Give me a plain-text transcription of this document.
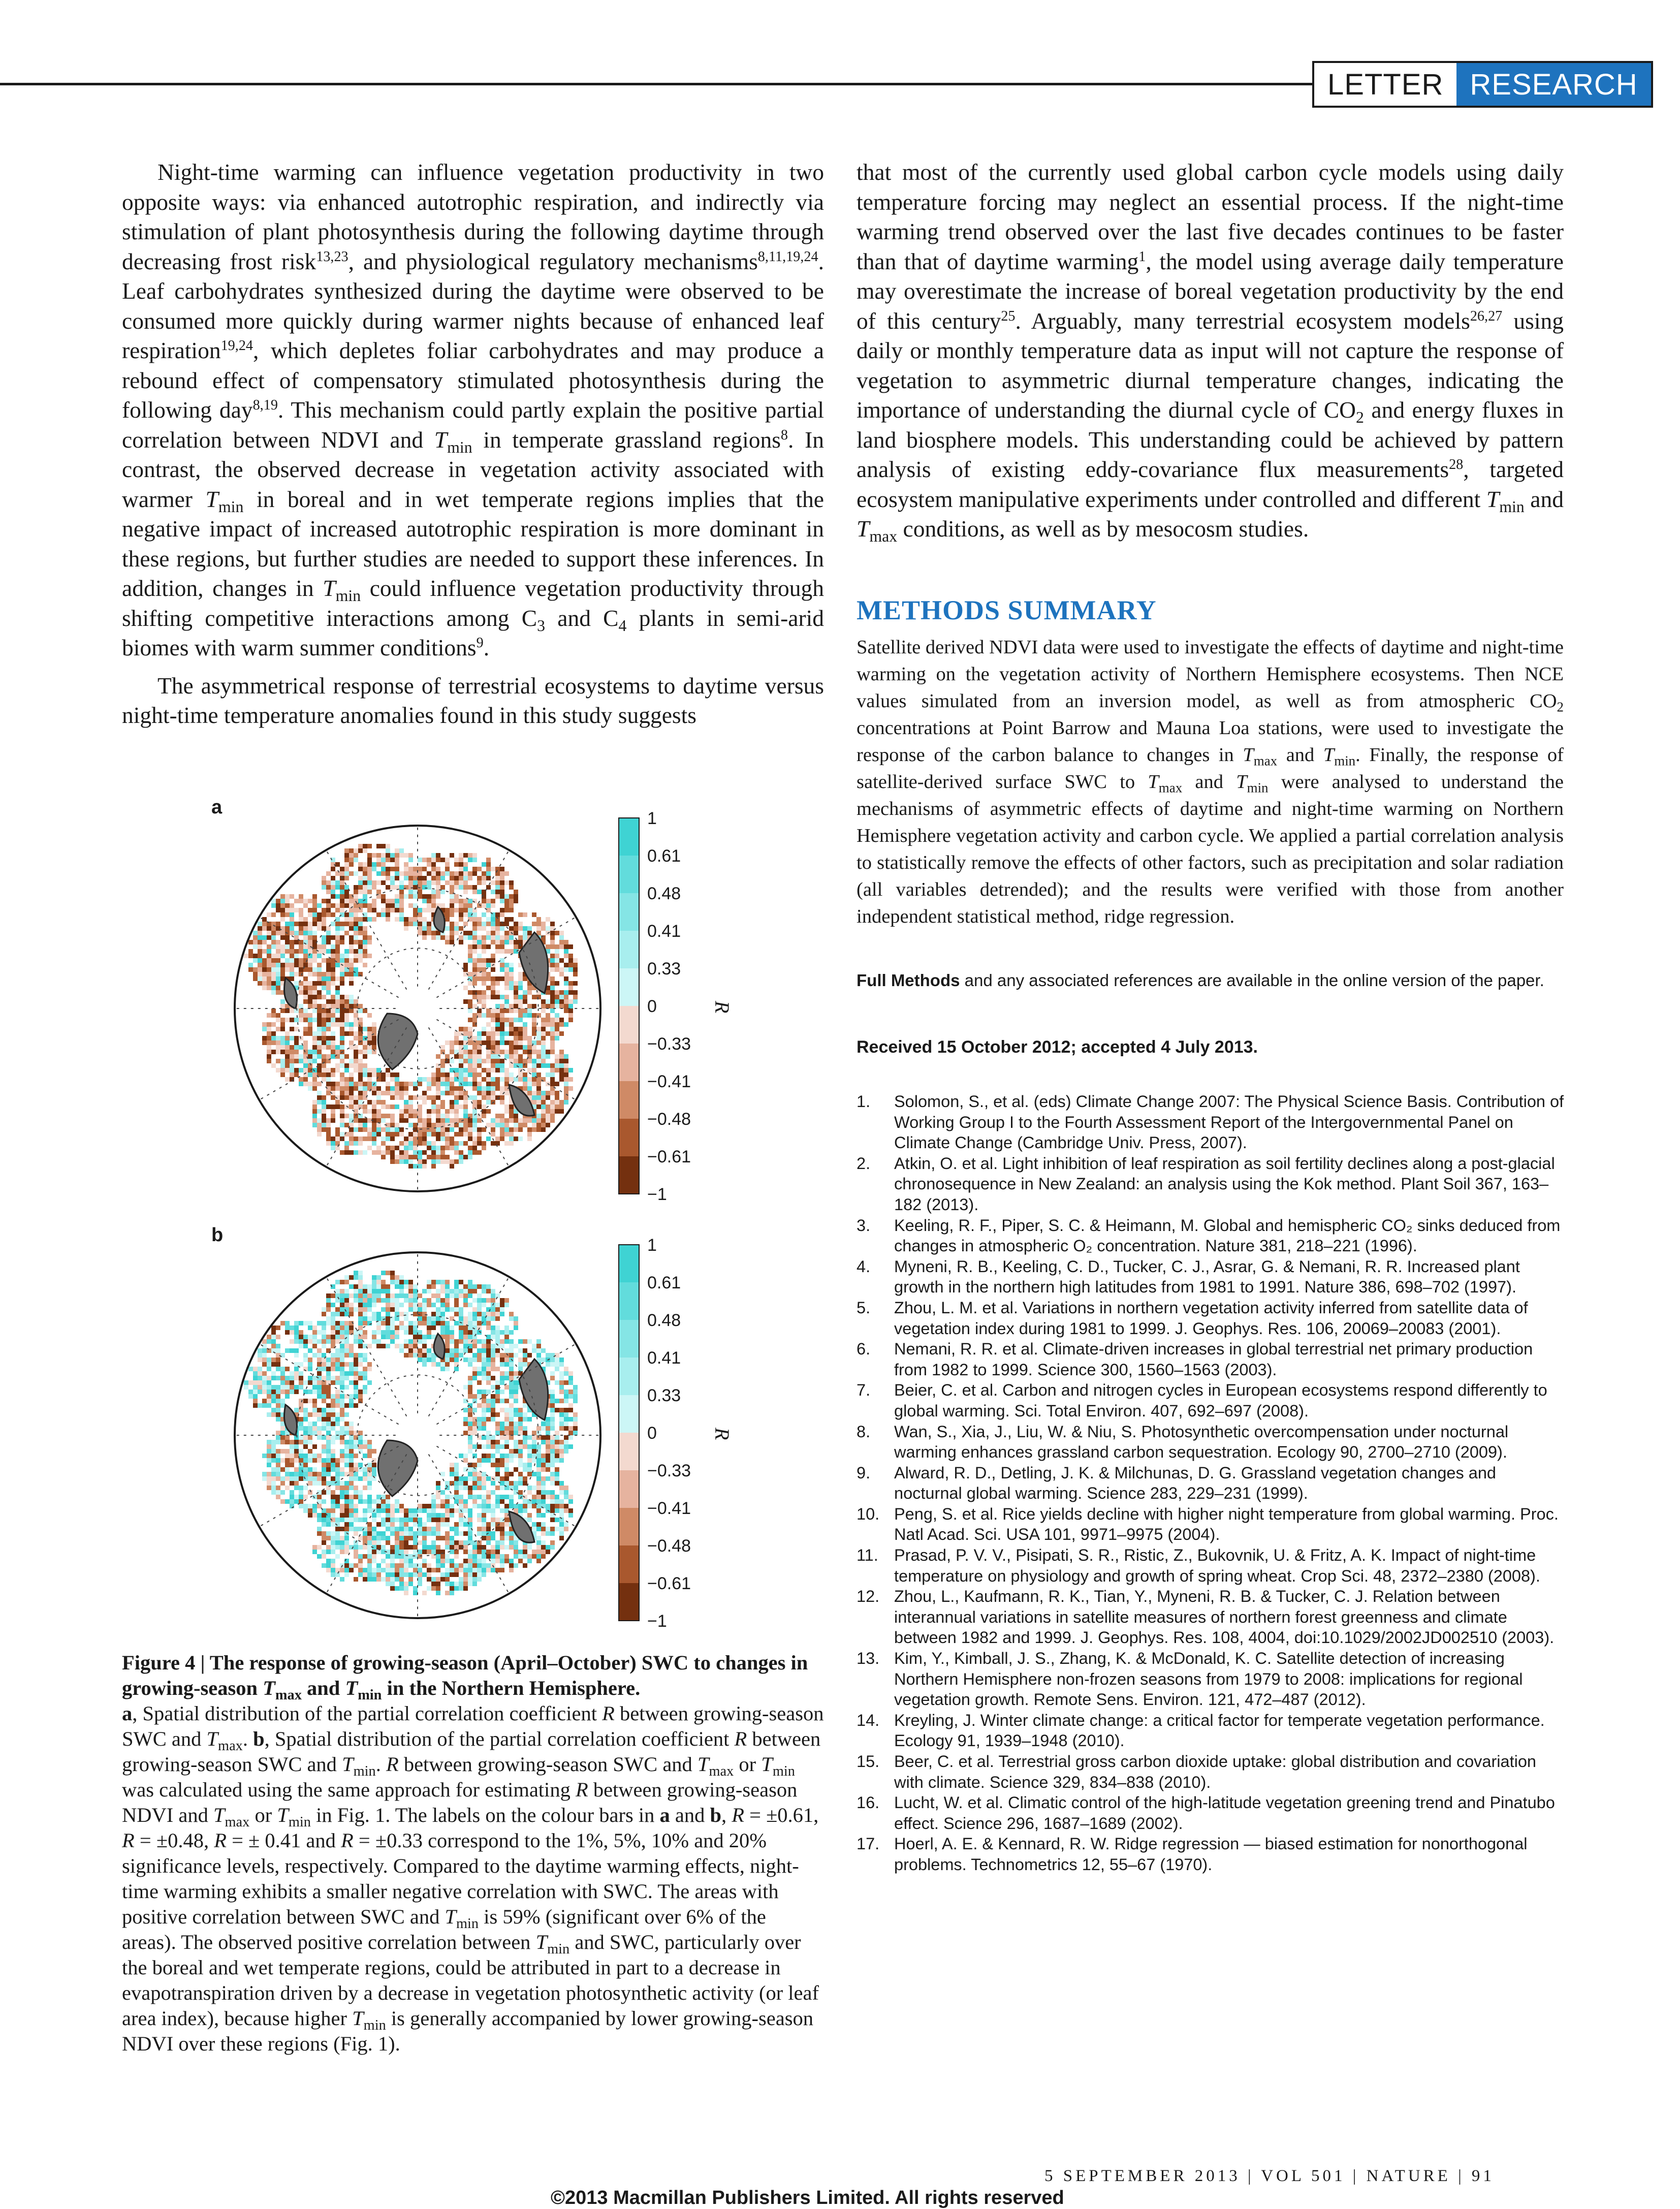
LETTER RESEARCH

Night-time warming can influence vegetation productivity in two opposite ways: via enhanced autotrophic respiration, and indirectly via stimulation of plant photosynthesis during the following daytime through decreasing frost risk$^{13,23}$, and physiological regulatory mechanisms$^{8,11,19,24}$. Leaf carbohydrates synthesized during the daytime were observed to be consumed more quickly during warmer nights because of enhanced leaf respiration$^{19,24}$, which depletes foliar carbohydrates and may produce a rebound effect of compensatory stimulated photosynthesis during the following day$^{8,19}$. This mechanism could partly explain the positive partial correlation between NDVI and $T_{min}$ in temperate grassland regions$^8$. In contrast, the observed decrease in vegetation activity associated with warmer $T_{min}$ in boreal and in wet temperate regions implies that the negative impact of increased autotrophic respiration is more dominant in these regions, but further studies are needed to support these inferences. In addition, changes in $T_{min}$ could influence vegetation productivity through shifting competitive interactions among $C_3$ and $C_4$ plants in semi-arid biomes with warm summer conditions$^9$.

The asymmetrical response of terrestrial ecosystems to daytime versus night-time temperature anomalies found in this study suggests

that most of the currently used global carbon cycle models using daily temperature forcing may neglect an essential process. If the night-time warming trend observed over the last five decades continues to be faster than that of daytime warming$^1$, the model using average daily temperature may overestimate the increase of boreal vegetation productivity by the end of this century$^{25}$. Arguably, many terrestrial ecosystem models$^{26,27}$ using daily or monthly temperature data as input will not capture the response of vegetation to asymmetric diurnal temperature changes, indicating the importance of understanding the diurnal cycle of $CO_2$ and energy fluxes in land biosphere models. This understanding could be achieved by pattern analysis of existing eddy-covariance flux measurements$^{28}$, targeted ecosystem manipulative experiments under controlled and different $T_{min}$ and $T_{max}$ conditions, as well as by mesocosm studies.

METHODS SUMMARY

Satellite derived NDVI data were used to investigate the effects of daytime and night-time warming on the vegetation activity of Northern Hemisphere ecosystems. Then NCE values simulated from an inversion model, as well as from atmospheric $CO_2$ concentrations at Point Barrow and Mauna Loa stations, were used to investigate the response of the carbon balance to changes in $T_{max}$ and $T_{min}$. Finally, the response of satellite-derived surface SWC to $T_{max}$ and $T_{min}$ were analysed to understand the mechanisms of asymmetric effects of daytime and night-time warming on Northern Hemisphere vegetation activity and carbon cycle. We applied a partial correlation analysis to statistically remove the effects of other factors, such as precipitation and solar radiation (all variables detrended); and the results were verified with those from another independent statistical method, ridge regression.

Full Methods and any associated references are available in the online version of the paper.
Received 15 October 2012; accepted 4 July 2013.
1.	Solomon, S., et al. (eds) Climate Change 2007: The Physical Science Basis. Contribution of Working Group I to the Fourth Assessment Report of the Intergovernmental Panel on Climate Change (Cambridge Univ. Press, 2007).
2.	Atkin, O. et al. Light inhibition of leaf respiration as soil fertility declines along a post-glacial chronosequence in New Zealand: an analysis using the Kok method. Plant Soil 367, 163–182 (2013).
3.	Keeling, R. F., Piper, S. C. & Heimann, M. Global and hemispheric CO₂ sinks deduced from changes in atmospheric O₂ concentration. Nature 381, 218–221 (1996).
4.	Myneni, R. B., Keeling, C. D., Tucker, C. J., Asrar, G. & Nemani, R. R. Increased plant growth in the northern high latitudes from 1981 to 1991. Nature 386, 698–702 (1997).
5.	Zhou, L. M. et al. Variations in northern vegetation activity inferred from satellite data of vegetation index during 1981 to 1999. J. Geophys. Res. 106, 20069–20083 (2001).
6.	Nemani, R. R. et al. Climate-driven increases in global terrestrial net primary production from 1982 to 1999. Science 300, 1560–1563 (2003).
7.	Beier, C. et al. Carbon and nitrogen cycles in European ecosystems respond differently to global warming. Sci. Total Environ. 407, 692–697 (2008).
8.	Wan, S., Xia, J., Liu, W. & Niu, S. Photosynthetic overcompensation under nocturnal warming enhances grassland carbon sequestration. Ecology 90, 2700–2710 (2009).
9.	Alward, R. D., Detling, J. K. & Milchunas, D. G. Grassland vegetation changes and nocturnal global warming. Science 283, 229–231 (1999).
10. Peng, S. et al. Rice yields decline with higher night temperature from global warming. Proc. Natl Acad. Sci. USA 101, 9971–9975 (2004).
11. Prasad, P. V. V., Pisipati, S. R., Ristic, Z., Bukovnik, U. & Fritz, A. K. Impact of night-time temperature on physiology and growth of spring wheat. Crop Sci. 48, 2372–2380 (2008).
12. Zhou, L., Kaufmann, R. K., Tian, Y., Myneni, R. B. & Tucker, C. J. Relation between interannual variations in satellite measures of northern forest greenness and climate between 1982 and 1999. J. Geophys. Res. 108, 4004, doi:10.1029/2002JD002510 (2003).
13. Kim, Y., Kimball, J. S., Zhang, K. & McDonald, K. C. Satellite detection of increasing Northern Hemisphere non-frozen seasons from 1979 to 2008: implications for regional vegetation growth. Remote Sens. Environ. 121, 472–487 (2012).
14. Kreyling, J. Winter climate change: a critical factor for temperate vegetation performance. Ecology 91, 1939–1948 (2010).
15. Beer, C. et al. Terrestrial gross carbon dioxide uptake: global distribution and covariation with climate. Science 329, 834–838 (2010).
16. Lucht, W. et al. Climatic control of the high-latitude vegetation greening trend and Pinatubo effect. Science 296, 1687–1689 (2002).
17. Hoerl, A. E. & Kennard, R. W. Ridge regression — biased estimation for nonorthogonal problems. Technometrics 12, 55–67 (1970).
a
b
1
0.61
0.48
0.41
0.33
0
−0.33
−0.41
−0.48
−0.61
−1
R
1
0.61
0.48
0.41
0.33
0
−0.33
−0.41
−0.48
−0.61
−1
R
Figure 4 | The response of growing-season (April–October) SWC to changes in growing-season $T_{max}$ and $T_{min}$ in the Northern Hemisphere.
a, Spatial distribution of the partial correlation coefficient R between growing-season SWC and $T_{max}$. b, Spatial distribution of the partial correlation coefficient R between growing-season SWC and $T_{min}$. R between growing-season SWC and $T_{max}$ or $T_{min}$ was calculated using the same approach for estimating R between growing-season NDVI and $T_{max}$ or $T_{min}$ in Fig. 1. The labels on the colour bars in a and b, R = ±0.61, R = ±0.48, R = ± 0.41 and R = ±0.33 correspond to the 1%, 5%, 10% and 20% significance levels, respectively. Compared to the daytime warming effects, night-time warming exhibits a smaller negative correlation with SWC. The areas with positive correlation between SWC and $T_{min}$ is 59% (significant over 6% of the areas). The observed positive correlation between $T_{min}$ and SWC, particularly over the boreal and wet temperate regions, could be attributed in part to a decrease in evapotranspiration driven by a decrease in vegetation photosynthetic activity (or leaf area index), because higher $T_{min}$ is generally accompanied by lower growing-season NDVI over these regions (Fig. 1).
5 SEPTEMBER 2013 | VOL 501 | NATURE | 91
©2013 Macmillan Publishers Limited. All rights reserved
